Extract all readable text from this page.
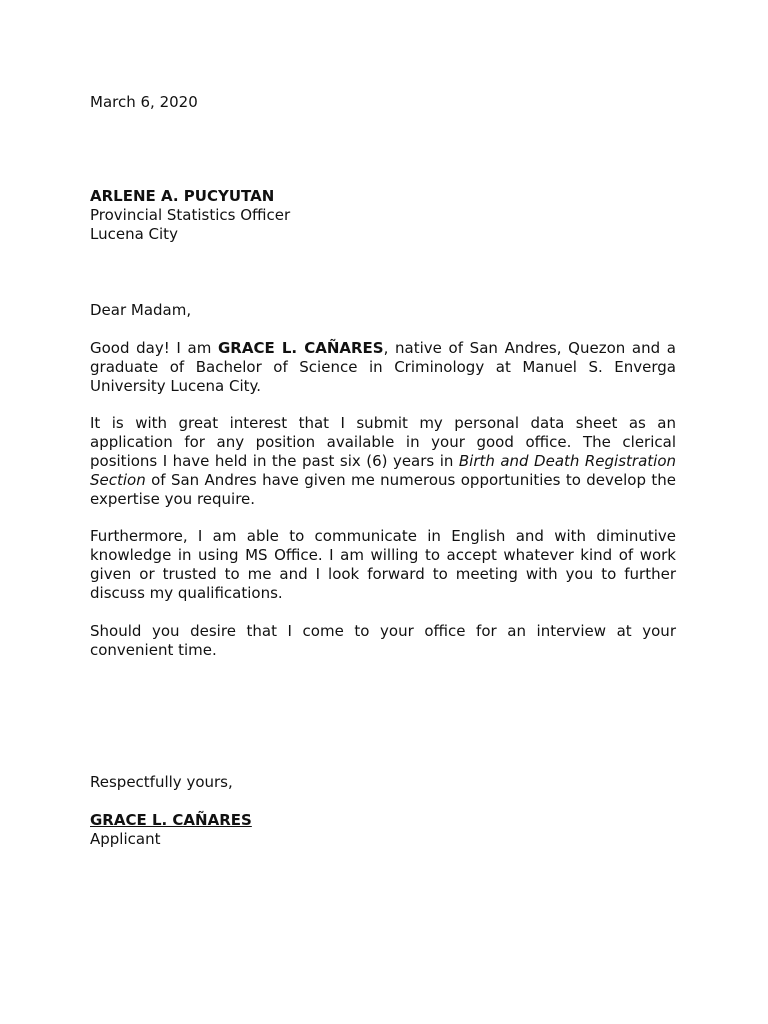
March 6, 2020

ARLENE A. PUCYUTAN
Provincial Statistics Officer
Lucena City

Dear Madam,

Good day! I am GRACE L. CAÑARES, native of San Andres, Quezon and a graduate of Bachelor of Science in Criminology at Manuel S. Enverga University Lucena City.

It is with great interest that I submit my personal data sheet as an application for any position available in your good office. The clerical positions I have held in the past six (6) years in Birth and Death Registration Section of San Andres have given me numerous opportunities to develop the expertise you require.

Furthermore, I am able to communicate in English and with diminutive knowledge in using MS Office. I am willing to accept whatever kind of work given or trusted to me and I look forward to meeting with you to further discuss my qualifications.

Should you desire that I come to your office for an interview at your convenient time.

Respectfully yours,

GRACE L. CAÑARES
Applicant
